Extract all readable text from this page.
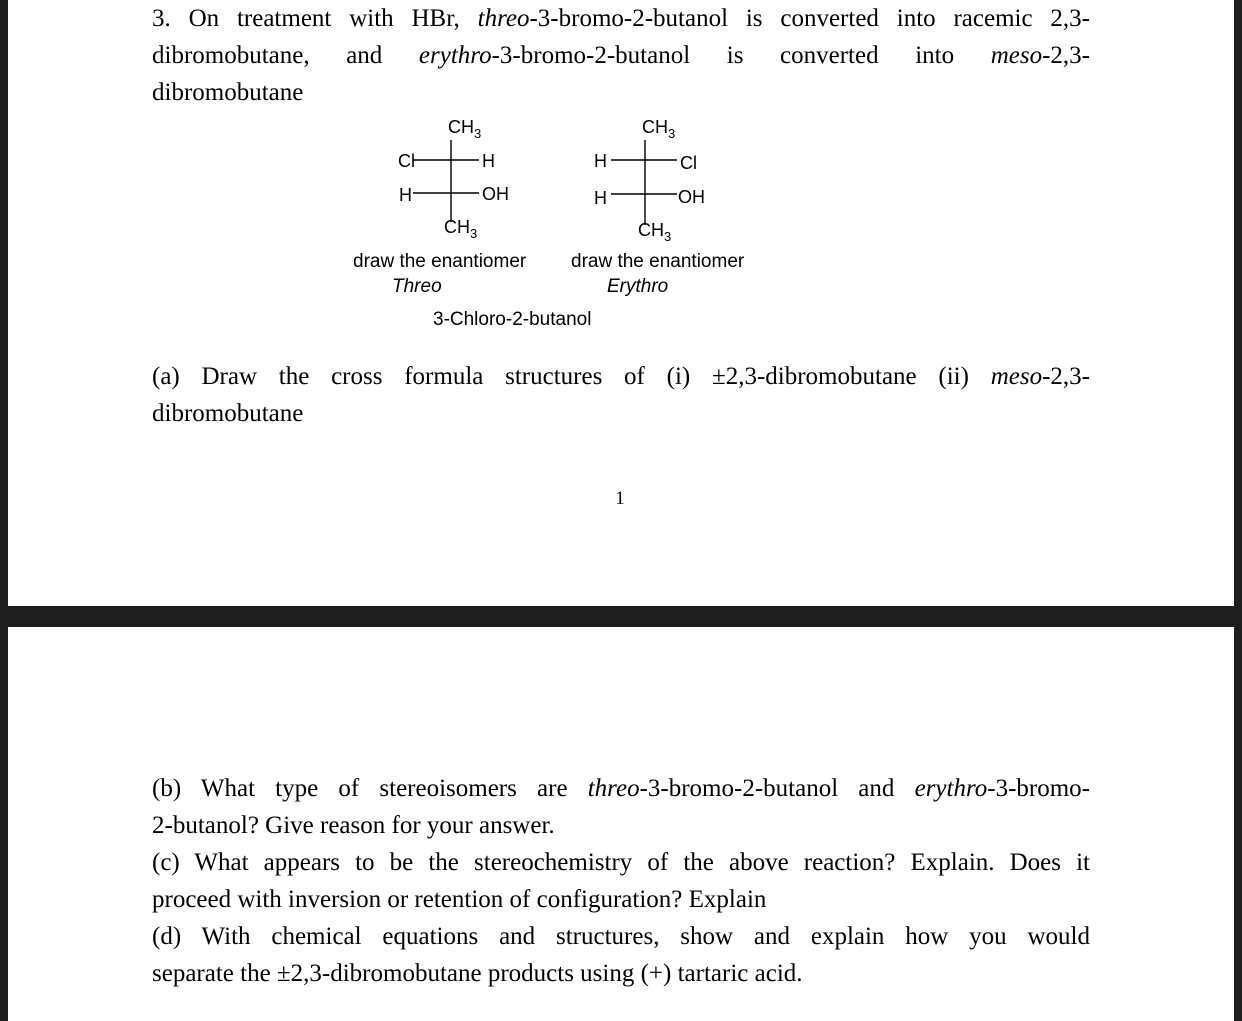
3. On treatment with HBr, threo-3-bromo-2-butanol is converted into racemic 2,3-
dibromobutane, and erythro-3-bromo-2-butanol is converted into meso-2,3-
dibromobutane

$CH_3$
Cl	H
H	OH
$CH_3$
$CH_3$
H	Cl
H	OH
$CH_3$
draw the enantiomer
Threo
draw the enantiomer
Erythro
3-Chloro-2-butanol

(a) Draw the cross formula structures of (i) ±2,3-dibromobutane (ii) meso-2,3-
dibromobutane

1

(b) What type of stereoisomers are threo-3-bromo-2-butanol and erythro-3-bromo-
2-butanol? Give reason for your answer.
(c) What appears to be the stereochemistry of the above reaction? Explain. Does it
proceed with inversion or retention of configuration? Explain
(d) With chemical equations and structures, show and explain how you would
separate the ±2,3-dibromobutane products using (+) tartaric acid.
